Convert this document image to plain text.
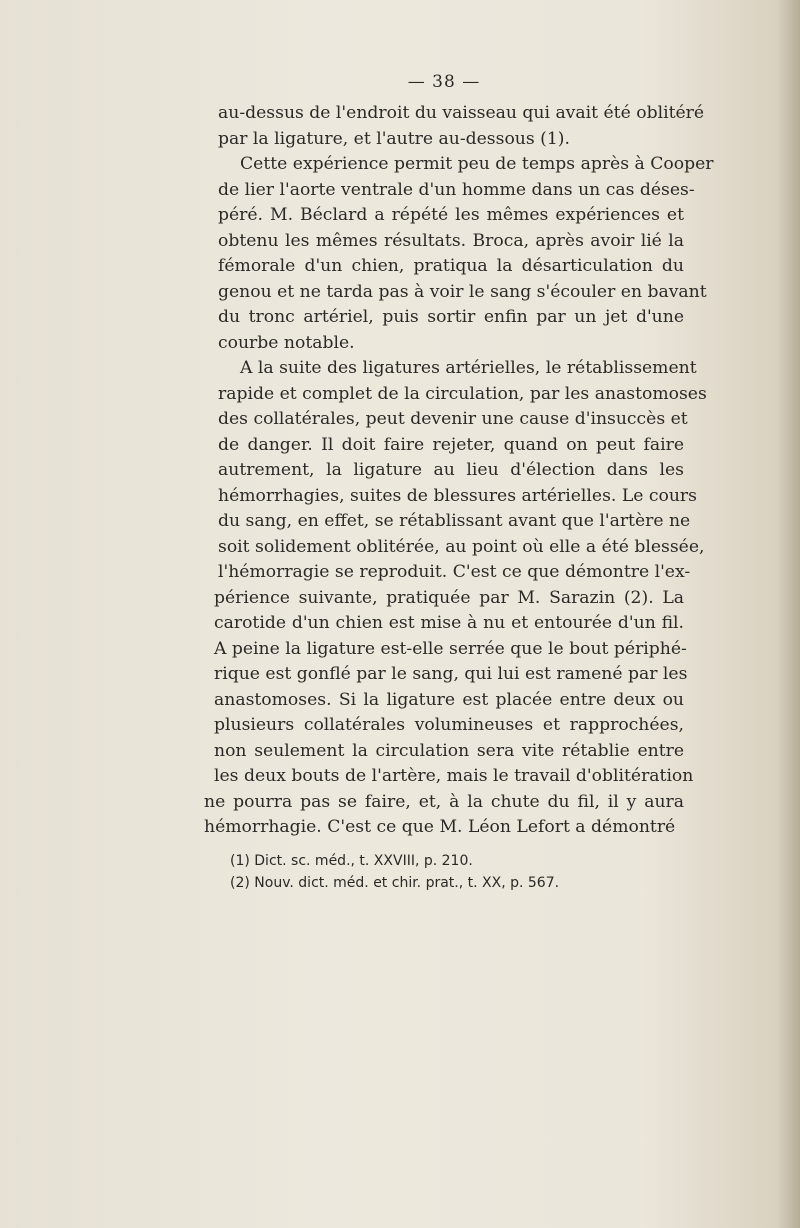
— 38 —
au-dessus de l'endroit du vaisseau qui avait été oblitéré
par la ligature, et l'autre au-dessous (1).
Cette expérience permit peu de temps après à Cooper
de lier l'aorte ventrale d'un homme dans un cas déses-
péré. M. Béclard a répété les mêmes expériences et
obtenu les mêmes résultats. Broca, après avoir lié la
fémorale d'un chien, pratiqua la désarticulation du
genou et ne tarda pas à voir le sang s'écouler en bavant
du tronc artériel, puis sortir enfin par un jet d'une
courbe notable.
A la suite des ligatures artérielles, le rétablissement
rapide et complet de la circulation, par les anastomoses
des collatérales, peut devenir une cause d'insuccès et
de danger. Il doit faire rejeter, quand on peut faire
autrement, la ligature au lieu d'élection dans les
hémorrhagies, suites de blessures artérielles. Le cours
du sang, en effet, se rétablissant avant que l'artère ne
soit solidement oblitérée, au point où elle a été blessée,
l'hémorragie se reproduit. C'est ce que démontre l'ex-
périence suivante, pratiquée par M. Sarazin (2). La
carotide d'un chien est mise à nu et entourée d'un fil.
A peine la ligature est-elle serrée que le bout périphé-
rique est gonflé par le sang, qui lui est ramené par les
anastomoses. Si la ligature est placée entre deux ou
plusieurs collatérales volumineuses et rapprochées,
non seulement la circulation sera vite rétablie entre
les deux bouts de l'artère, mais le travail d'oblitération
ne pourra pas se faire, et, à la chute du fil, il y aura
hémorrhagie. C'est ce que M. Léon Lefort a démontré
(1) Dict. sc. méd., t. XXVIII, p. 210.
(2) Nouv. dict. méd. et chir. prat., t. XX, p. 567.
